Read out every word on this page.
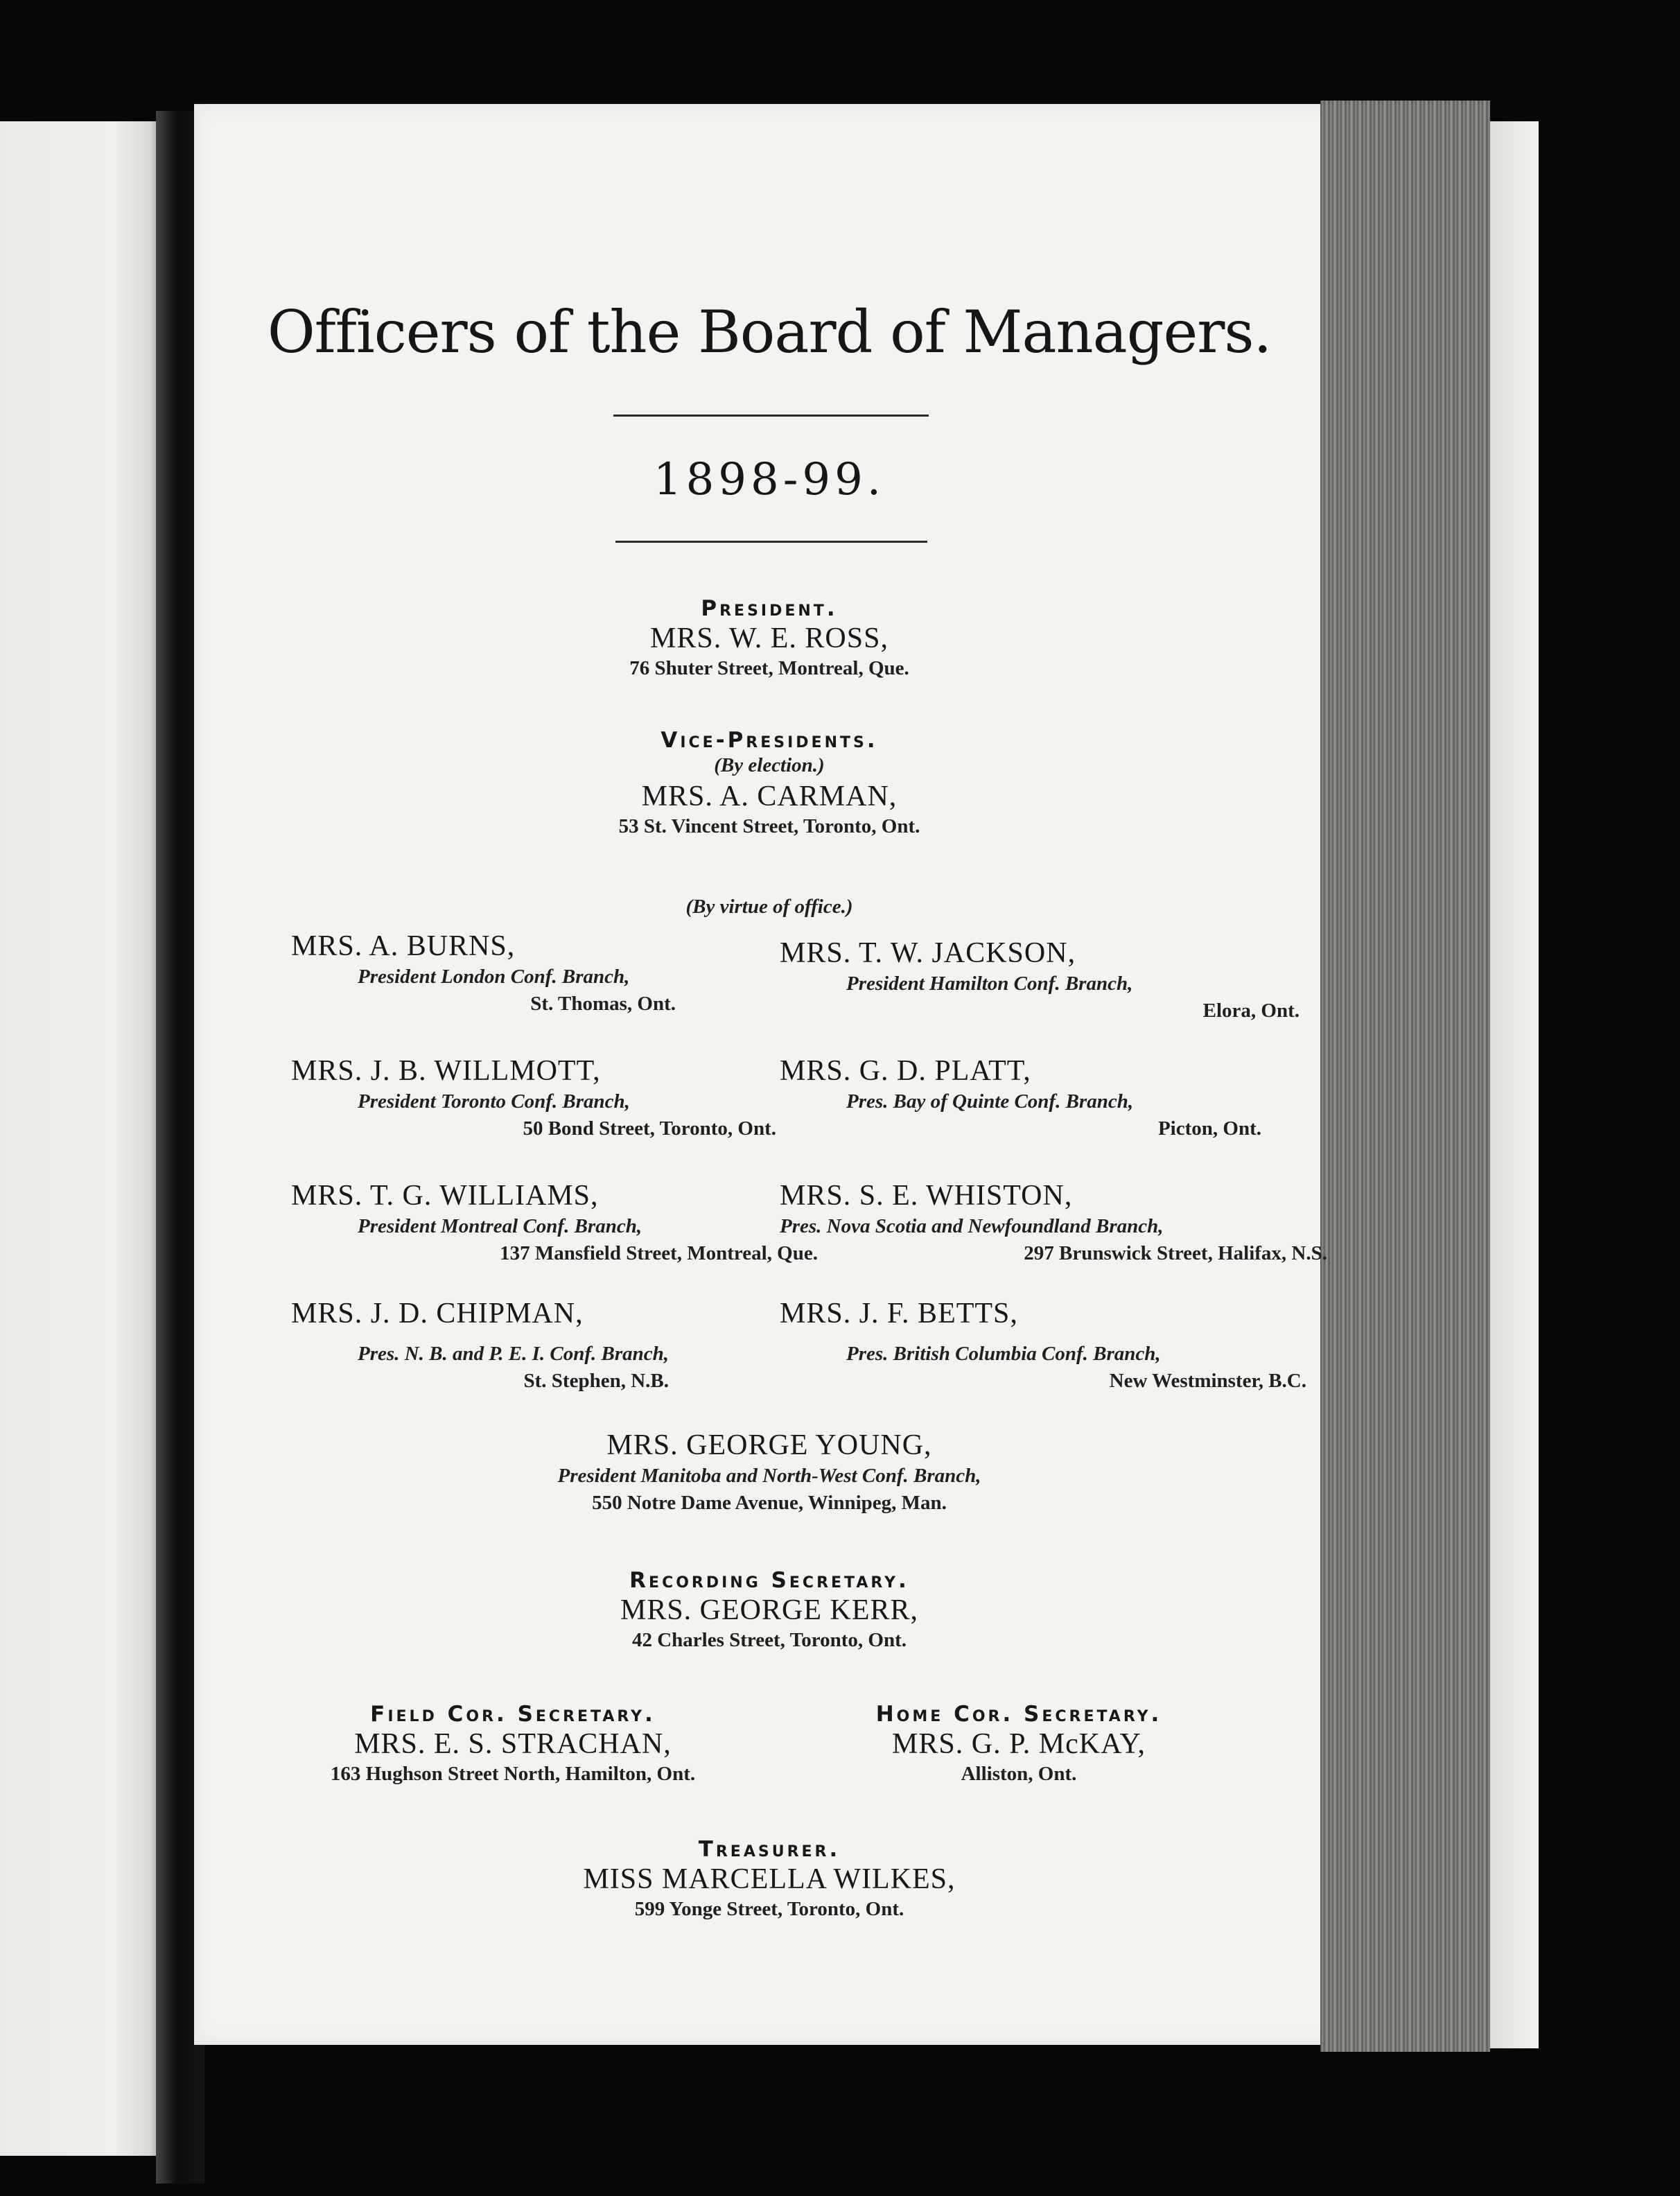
Officers of the Board of Managers.
1898-99.
President.
MRS. W. E. ROSS,
76 Shuter Street, Montreal, Que.
Vice-Presidents.
(By election.)
MRS. A. CARMAN,
53 St. Vincent Street, Toronto, Ont.
(By virtue of office.)
MRS. A. BURNS,
President London Conf. Branch,
St. Thomas, Ont.
MRS. T. W. JACKSON,
President Hamilton Conf. Branch,
Elora, Ont.
MRS. J. B. WILLMOTT,
President Toronto Conf. Branch,
50 Bond Street, Toronto, Ont.
MRS. G. D. PLATT,
Pres. Bay of Quinte Conf. Branch,
Picton, Ont.
MRS. T. G. WILLIAMS,
President Montreal Conf. Branch,
137 Mansfield Street, Montreal, Que.
MRS. S. E. WHISTON,
Pres. Nova Scotia and Newfoundland Branch,
297 Brunswick Street, Halifax, N.S.
MRS. J. D. CHIPMAN,
Pres. N. B. and P. E. I. Conf. Branch,
St. Stephen, N.B.
MRS. J. F. BETTS,
Pres. British Columbia Conf. Branch,
New Westminster, B.C.
MRS. GEORGE YOUNG,
President Manitoba and North-West Conf. Branch,
550 Notre Dame Avenue, Winnipeg, Man.
Recording Secretary.
MRS. GEORGE KERR,
42 Charles Street, Toronto, Ont.
Field Cor. Secretary.
MRS. E. S. STRACHAN,
163 Hughson Street North, Hamilton, Ont.
Home Cor. Secretary.
MRS. G. P. McKAY,
Alliston, Ont.
Treasurer.
MISS MARCELLA WILKES,
599 Yonge Street, Toronto, Ont.
